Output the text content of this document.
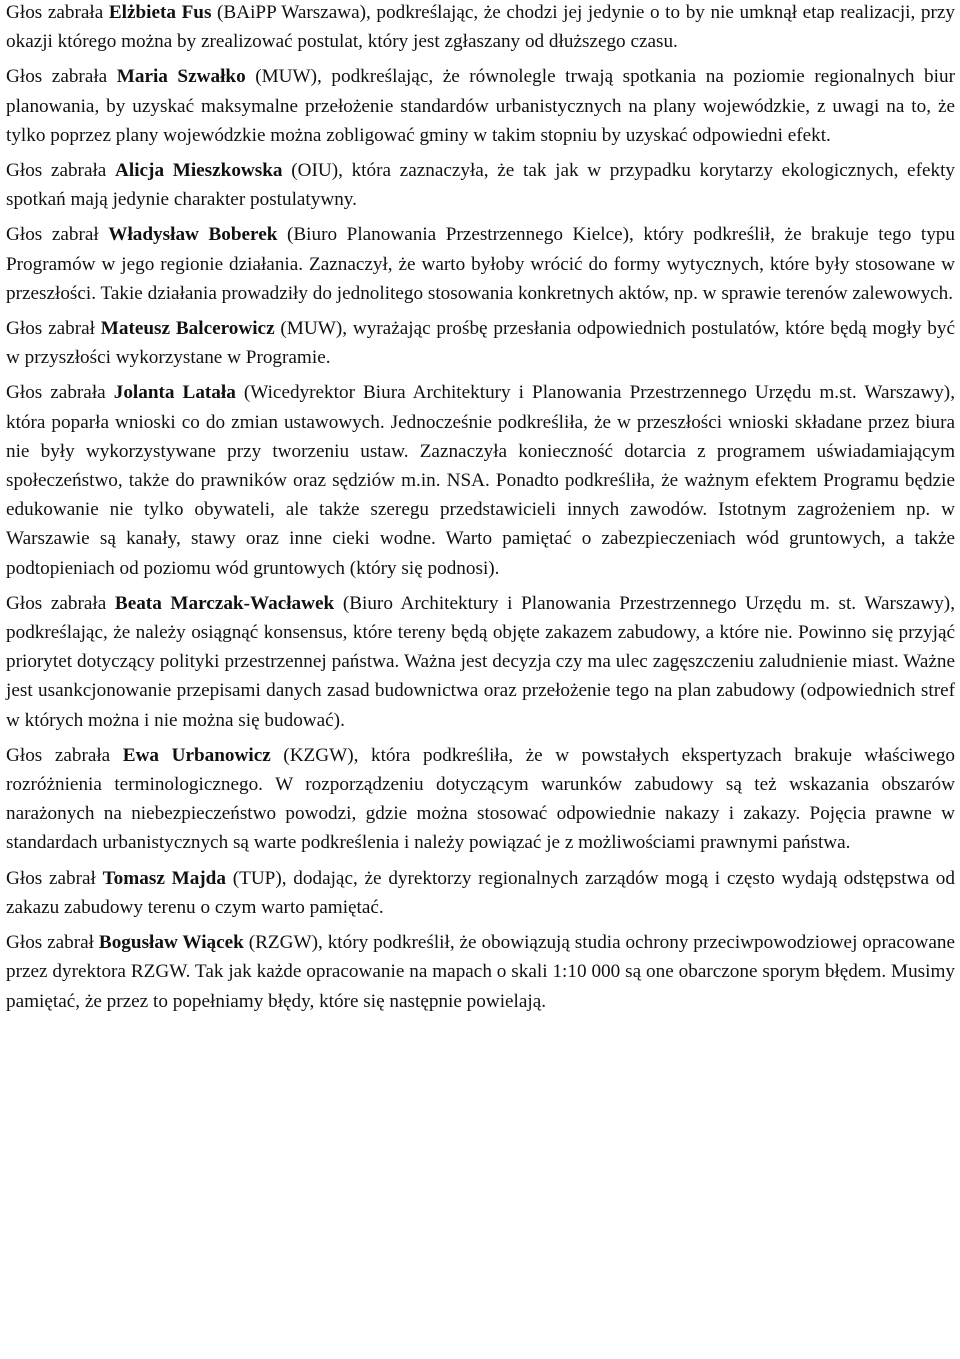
Głos zabrała Elżbieta Fus (BAiPP Warszawa), podkreślając, że chodzi jej jedynie o to by nie umknął etap realizacji, przy okazji którego można by zrealizować postulat, który jest zgłaszany od dłuższego czasu.

Głos zabrała Maria Szwałko (MUW), podkreślając, że równolegle trwają spotkania na poziomie regionalnych biur planowania, by uzyskać maksymalne przełożenie standardów urbanistycznych na plany wojewódzkie, z uwagi na to, że tylko poprzez plany wojewódzkie można zobligować gminy w takim stopniu by uzyskać odpowiedni efekt.

Głos zabrała Alicja Mieszkowska (OIU), która zaznaczyła, że tak jak w przypadku korytarzy ekologicznych, efekty spotkań mają jedynie charakter postulatywny.

Głos zabrał Władysław Boberek (Biuro Planowania Przestrzennego Kielce), który podkreślił, że brakuje tego typu Programów w jego regionie działania. Zaznaczył, że warto byłoby wrócić do formy wytycznych, które były stosowane w przeszłości. Takie działania prowadziły do jednolitego stosowania konkretnych aktów, np. w sprawie terenów zalewowych.

Głos zabrał Mateusz Balcerowicz (MUW), wyrażając prośbę przesłania odpowiednich postulatów, które będą mogły być w przyszłości wykorzystane w Programie.

Głos zabrała Jolanta Latała (Wicedyrektor Biura Architektury i Planowania Przestrzennego Urzędu m.st. Warszawy), która poparła wnioski co do zmian ustawowych. Jednocześnie podkreśliła, że w przeszłości wnioski składane przez biura nie były wykorzystywane przy tworzeniu ustaw. Zaznaczyła konieczność dotarcia z programem uświadamiającym społeczeństwo, także do prawników oraz sędziów m.in. NSA. Ponadto podkreśliła, że ważnym efektem Programu będzie edukowanie nie tylko obywateli, ale także szeregu przedstawicieli innych zawodów. Istotnym zagrożeniem np. w Warszawie są kanały, stawy oraz inne cieki wodne. Warto pamiętać o zabezpieczeniach wód gruntowych, a także podtopieniach od poziomu wód gruntowych (który się podnosi).

Głos zabrała Beata Marczak-Wacławek (Biuro Architektury i Planowania Przestrzennego Urzędu m. st. Warszawy), podkreślając, że należy osiągnąć konsensus, które tereny będą objęte zakazem zabudowy, a które nie. Powinno się przyjąć priorytet dotyczący polityki przestrzennej państwa. Ważna jest decyzja czy ma ulec zagęszczeniu zaludnienie miast. Ważne jest usankcjonowanie przepisami danych zasad budownictwa oraz przełożenie tego na plan zabudowy (odpowiednich stref w których można i nie można się budować).

Głos zabrała Ewa Urbanowicz (KZGW), która podkreśliła, że w powstałych ekspertyzach brakuje właściwego rozróżnienia terminologicznego. W rozporządzeniu dotyczącym warunków zabudowy są też wskazania obszarów narażonych na niebezpieczeństwo powodzi, gdzie można stosować odpowiednie nakazy i zakazy. Pojęcia prawne w standardach urbanistycznych są warte podkreślenia i należy powiązać je z możliwościami prawnymi państwa.

Głos zabrał Tomasz Majda (TUP), dodając, że dyrektorzy regionalnych zarządów mogą i często wydają odstępstwa od zakazu zabudowy terenu o czym warto pamiętać.

Głos zabrał Bogusław Wiącek (RZGW), który podkreślił, że obowiązują studia ochrony przeciwpowodziowej opracowane przez dyrektora RZGW. Tak jak każde opracowanie na mapach o skali 1:10 000 są one obarczone sporym błędem. Musimy pamiętać, że przez to popełniamy błędy, które się następnie powielają.
